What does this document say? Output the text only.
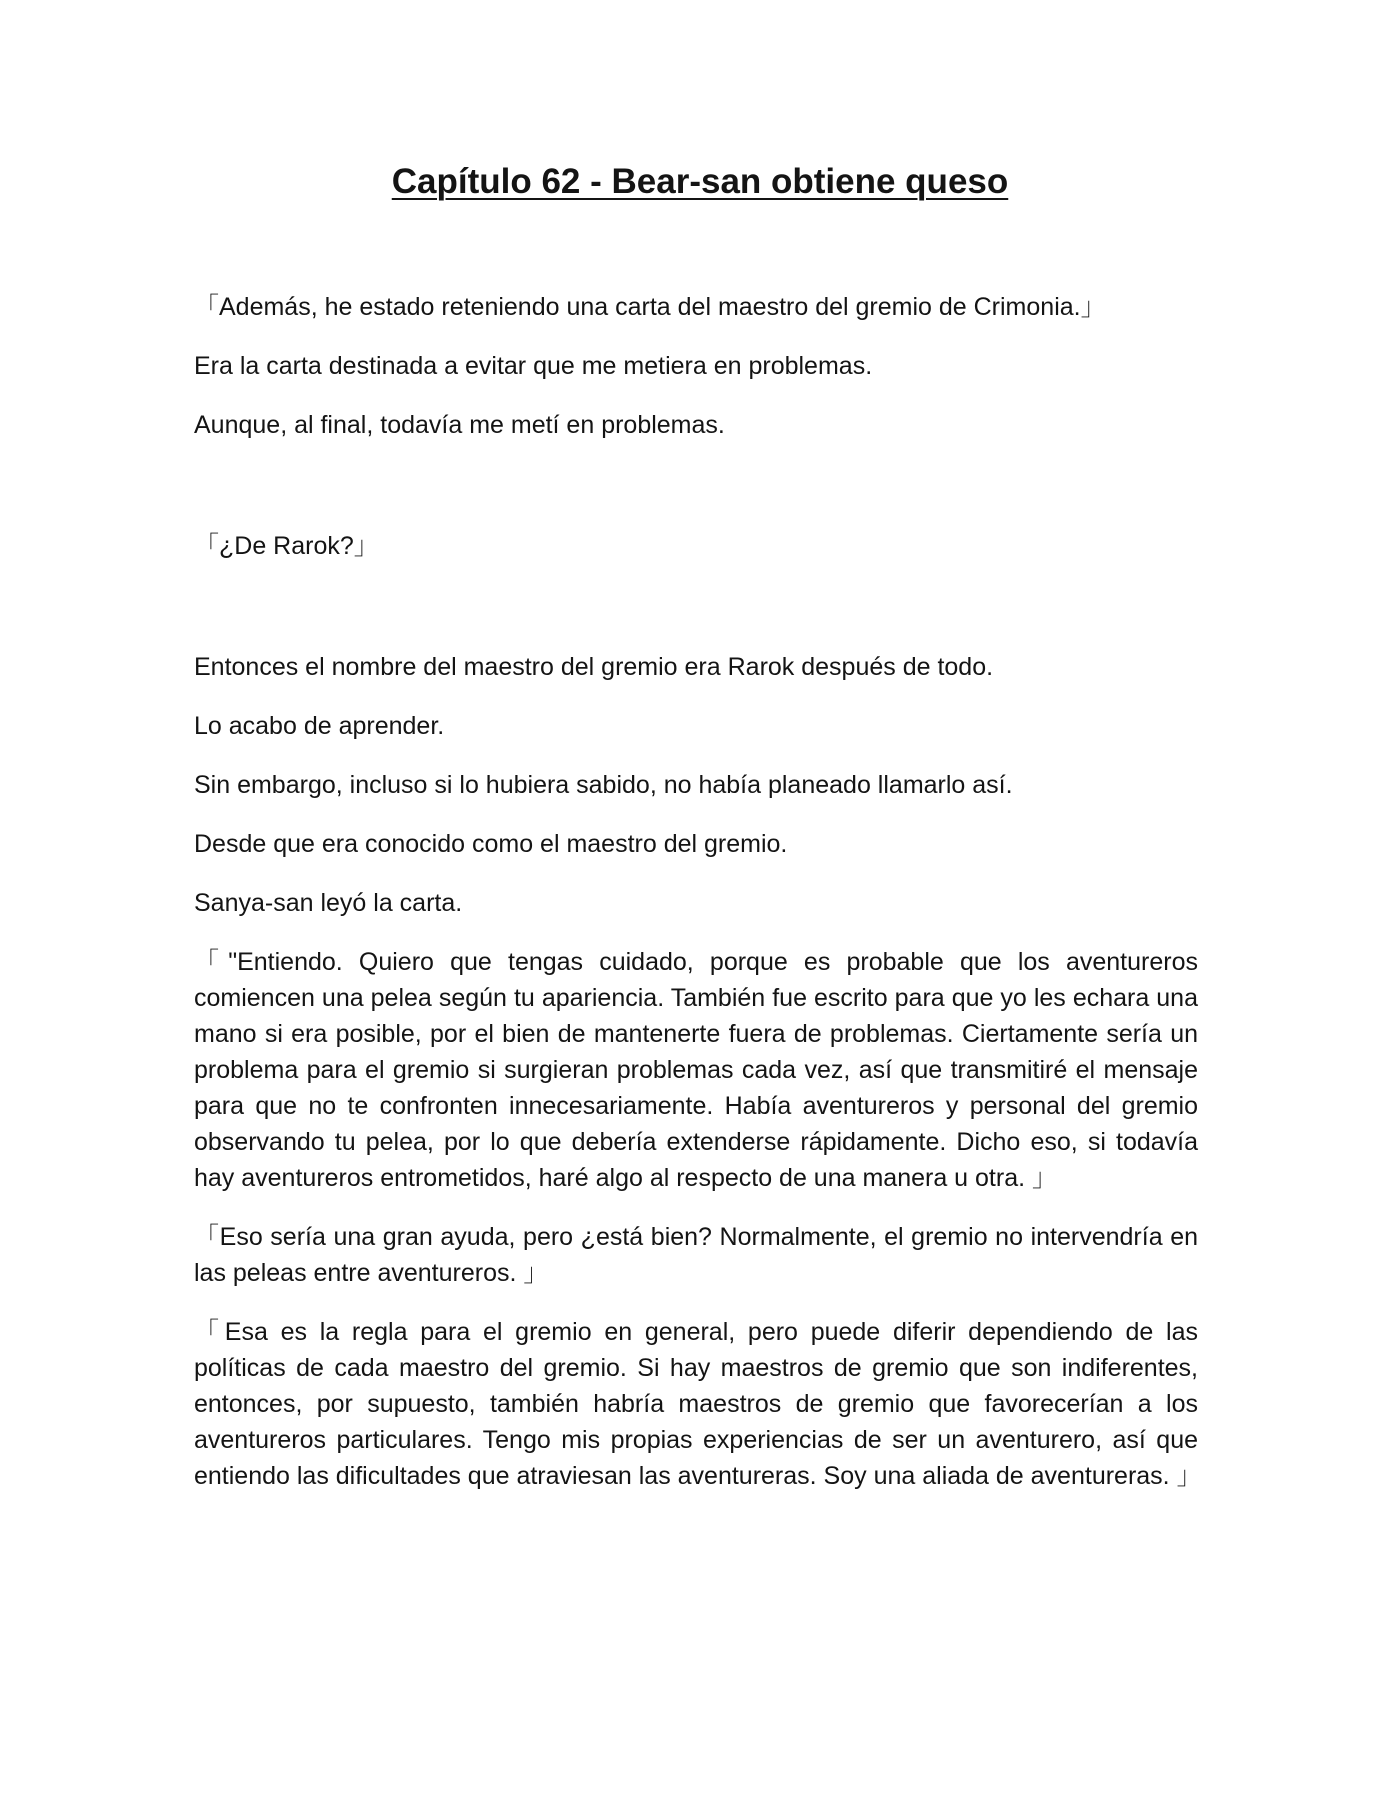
Capítulo 62 - Bear-san obtiene queso

「Además, he estado reteniendo una carta del maestro del gremio de Crimonia.」

Era la carta destinada a evitar que me metiera en problemas.

Aunque, al final, todavía me metí en problemas.

「¿De Rarok?」

Entonces el nombre del maestro del gremio era Rarok después de todo.

Lo acabo de aprender.

Sin embargo, incluso si lo hubiera sabido, no había planeado llamarlo así.

Desde que era conocido como el maestro del gremio.

Sanya-san leyó la carta.

「"Entiendo. Quiero que tengas cuidado, porque es probable que los aventureros comiencen una pelea según tu apariencia. También fue escrito para que yo les echara una mano si era posible, por el bien de mantenerte fuera de problemas. Ciertamente sería un problema para el gremio si surgieran problemas cada vez, así que transmitiré el mensaje para que no te confronten innecesariamente. Había aventureros y personal del gremio observando tu pelea, por lo que debería extenderse rápidamente. Dicho eso, si todavía hay aventureros entrometidos, haré algo al respecto de una manera u otra. 」

「Eso sería una gran ayuda, pero ¿está bien? Normalmente, el gremio no intervendría en las peleas entre aventureros. 」

「Esa es la regla para el gremio en general, pero puede diferir dependiendo de las políticas de cada maestro del gremio. Si hay maestros de gremio que son indiferentes, entonces, por supuesto, también habría maestros de gremio que favorecerían a los aventureros particulares. Tengo mis propias experiencias de ser un aventurero, así que entiendo las dificultades que atraviesan las aventureras. Soy una aliada de aventureras. 」
